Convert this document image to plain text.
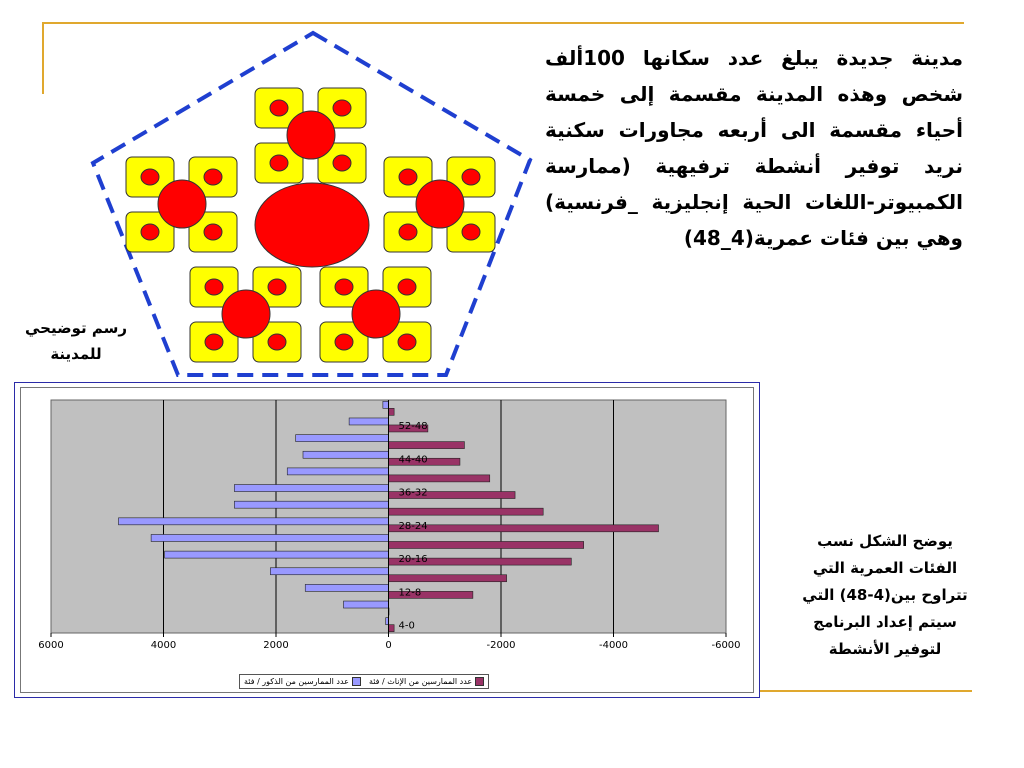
مدينة جديدة يبلغ عدد سكانها 100ألف شخص وهذه المدينة مقسمة إلى خمسة أحياء مقسمة الى أربعه مجاورات سكنية نريد توفير أنشطة ترفيهية (ممارسة الكمبيوتر-اللغات الحية إنجليزية _فرنسية) وهي بين فئات عمرية(4_48)
رسم توضيحي للمدينة
يوضح الشكل نسب الفئات العمرية التي تتراوح بين(4-48) التي سيتم إعداد البرنامج لتوفير الأنشطة
6000	4000	2000	0	-2000	-4000	-6000
4-0
12-8
20-16
28-24
36-32
44-40
52-48
عدد الممارسين من الإناث / فئة
عدد الممارسين من الذكور / فئة
